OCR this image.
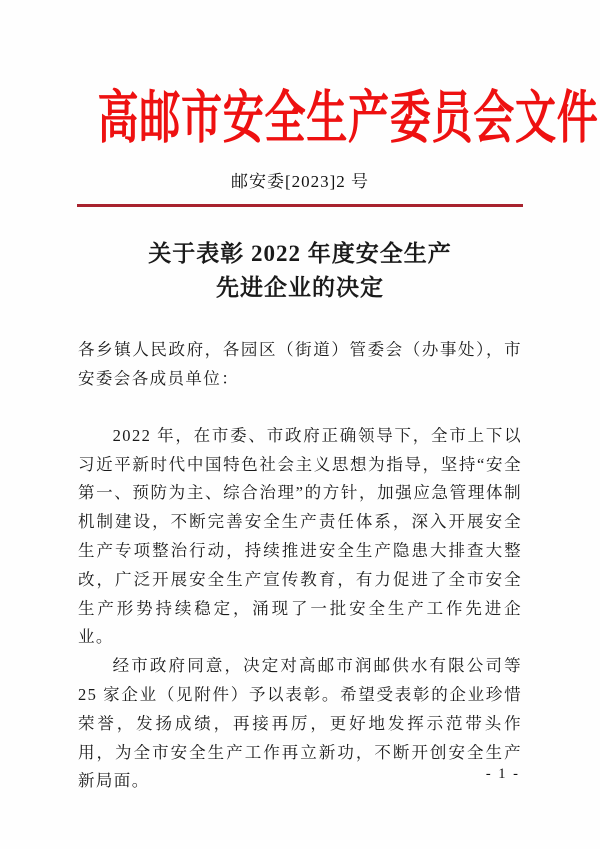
高邮市安全生产委员会文件
邮安委[2023]2 号
关于表彰 2022 年度安全生产
先进企业的决定

各乡镇人民政府，各园区（街道）管委会（办事处），市安委会各成员单位：

2022 年，在市委、市政府正确领导下，全市上下以习近平新时代中国特色社会主义思想为指导，坚持“安全第一、预防为主、综合治理”的方针，加强应急管理体制机制建设，不断完善安全生产责任体系，深入开展安全生产专项整治行动，持续推进安全生产隐患大排查大整改，广泛开展安全生产宣传教育，有力促进了全市安全生产形势持续稳定，涌现了一批安全生产工作先进企业。

经市政府同意，决定对高邮市润邮供水有限公司等 25 家企业（见附件）予以表彰。希望受表彰的企业珍惜荣誉，发扬成绩，再接再厉，更好地发挥示范带头作用，为全市安全生产工作再立新功，不断开创安全生产新局面。	- 1 -
